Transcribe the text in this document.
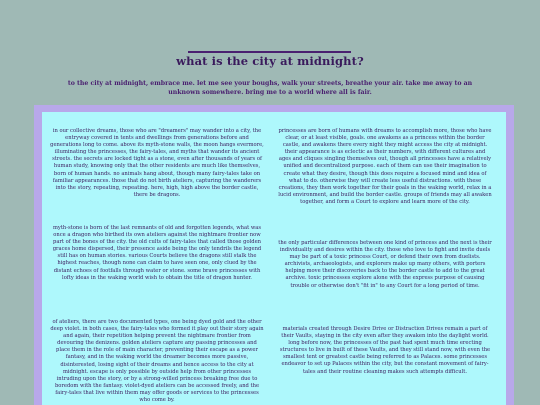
what is the city at midnight?

to the city at midnight, embrace me. let me see your boughs, walk your streets, breathe your air. take me away to an unknown somewhere. bring me to a world where all is fair.

in our collective dreams, those who are "dreamers" may wander into a city, the entryway covered in tents and dwellings from generations before and generations long to come. above its myth-stone walls, the moon hangs evermore, illuminating the princesses, the fairy-tales, and myths that wander its ancient streets. the secrets are locked tight as a stone, even after thousands of years of human study, knowing only that the other residents are much like themselves, born of human hands. no animals hang about, though many fairy-tales take on familiar appearances. those that do not birth ateliers, capturing the wanderers into the story, repeating, repeating. here, high, high above the border castle, there be dragons.

princesses are born of humans with dreams to accomplish more, those who have clear, or at least visible, goals. one awakens as a princess within the border castle, and awakens there every night they might access the city at midnight. their appearance is as eclectic as their numbers, with different cultures and ages and cliques singling themselves out, though all princesses have a relatively unified and decentralized purpose. each of them can use their imagination to create what they desire, though this does require a focused mind and idea of what to do. otherwise they will create less useful distractions. with these creations, they then work together for their goals in the waking world, relax in a lucid environment, and build the border castle. groups of friends may all awaken together, and form a Court to explore and learn more of the city.

myth-stone is born of the last remnants of old and forgotten legends, what was once a dragon who birthed its own ateliers against the nightmare frontier now part of the bones of the city. the old cults of fairy-tales that called those golden graces home dispersed, their presence aside being the only tendrils the legend still has on human stories. various Courts believe the dragons still stalk the highest reaches, though none can claim to have seen one, only clued by the distant echoes of footfalls through water or stone. some brave princesses with lofty ideas in the waking world wish to obtain the title of dragon hunter.

the only particular differences between one kind of princess and the next is their individuality and desires within the city. those who love to fight and invite duels may be part of a toxic princess Court, or defend their own from duelists. archivists, archaeologists, and explorers make up many others, with porters helping move their discoveries back to the border castle to add to the great archive. toxic princesses explore alone with the express purpose of causing trouble or otherwise don't "fit in" to any Court for a long period of time.

of ateliers, there are two documented types, one being dyed gold and the other deep violet. in both cases, the fairy-tales who formed it play out their story again and again, their repetition helping prevent the nightmare frontier from devouring the denizens. golden ateliers capture any passing princesses and place them in the role of main character, preventing their escape as a power fantasy, and in the waking world the dreamer becomes more passive, disinterested, losing sight of their dreams and hence access to the city at midnight. escape is only possible by outside help from other princesses intruding upon the story, or by a strong-willed princess breaking free due to boredom with the fantasy. violet-dyed ateliers can be accessed freely, and the fairy-tales that live within them may offer goods or services to the princesses who come by.

materials created through Desire Drive or Distraction Drives remain a part of their Vaults, staying in the city even after they awaken into the daylight world. long before now, the princesses of the past had spent much time erecting structures to live in built of these Vaults, and they still stand now, with even the smallest tent or greatest castle being referred to as Palaces. some princesses endeavor to set up Palaces within the city, but the constant movement of fairy-tales and their routine cleaning makes such attempts difficult.
